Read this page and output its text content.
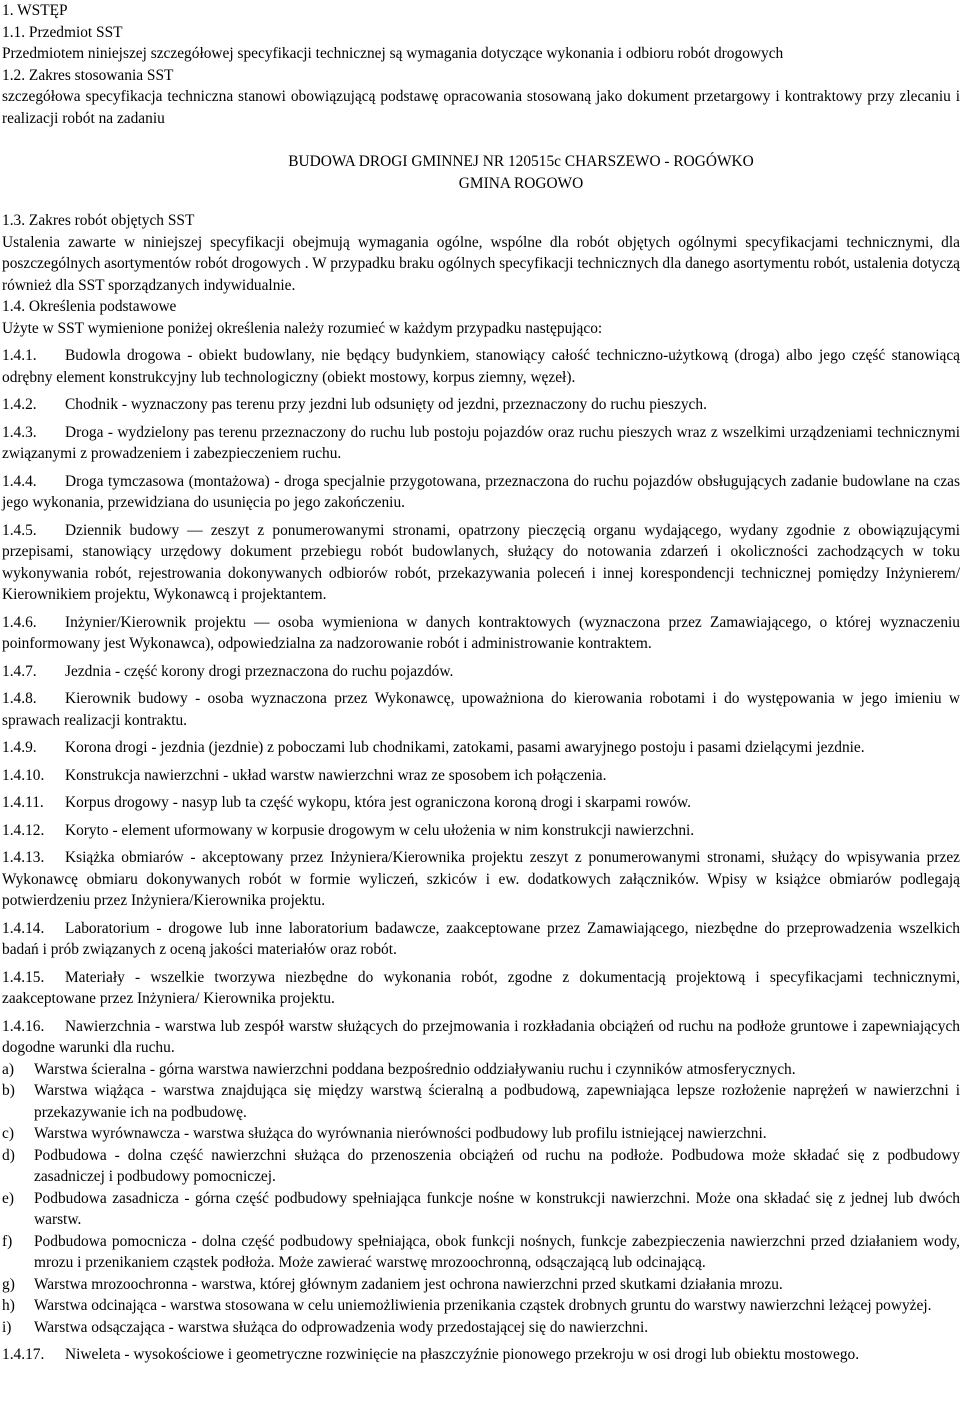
1. WSTĘP
1.1. Przedmiot SST
Przedmiotem niniejszej szczegółowej specyfikacji technicznej są wymagania dotyczące wykonania i odbioru robót drogowych
1.2. Zakres stosowania SST
szczegółowa specyfikacja techniczna stanowi obowiązującą podstawę opracowania stosowaną jako dokument przetargowy i kontraktowy przy zlecaniu i realizacji robót na zadaniu
BUDOWA DROGI GMINNEJ NR 120515c CHARSZEWO - ROGÓWKO
GMINA ROGOWO
1.3. Zakres robót objętych SST
Ustalenia zawarte w niniejszej specyfikacji obejmują wymagania ogólne, wspólne dla robót objętych ogólnymi specyfikacjami technicznymi, dla poszczególnych asortymentów robót drogowych . W przypadku braku ogólnych specyfikacji technicznych dla danego asortymentu robót, ustalenia dotyczą również dla SST sporządzanych indywidualnie.
1.4. Określenia podstawowe
Użyte w SST wymienione poniżej określenia należy rozumieć w każdym przypadku następująco:
1.4.1. Budowla drogowa - obiekt budowlany, nie będący budynkiem, stanowiący całość techniczno-użytkową (droga) albo jego część stanowiącą odrębny element konstrukcyjny lub technologiczny (obiekt mostowy, korpus ziemny, węzeł).
1.4.2. Chodnik - wyznaczony pas terenu przy jezdni lub odsunięty od jezdni, przeznaczony do ruchu pieszych.
1.4.3. Droga - wydzielony pas terenu przeznaczony do ruchu lub postoju pojazdów oraz ruchu pieszych wraz z wszelkimi urządzeniami technicznymi związanymi z prowadzeniem i zabezpieczeniem ruchu.
1.4.4. Droga tymczasowa (montażowa) - droga specjalnie przygotowana, przeznaczona do ruchu pojazdów obsługujących zadanie budowlane na czas jego wykonania, przewidziana do usunięcia po jego zakończeniu.
1.4.5. Dziennik budowy — zeszyt z ponumerowanymi stronami, opatrzony pieczęcią organu wydającego, wydany zgodnie z obowiązującymi przepisami, stanowiący urzędowy dokument przebiegu robót budowlanych, służący do notowania zdarzeń i okoliczności zachodzących w toku wykonywania robót, rejestrowania dokonywanych odbiorów robót, przekazywania poleceń i innej korespondencji technicznej pomiędzy Inżynierem/ Kierownikiem projektu, Wykonawcą i projektantem.
1.4.6. Inżynier/Kierownik projektu — osoba wymieniona w danych kontraktowych (wyznaczona przez Zamawiającego, o której wyznaczeniu poinformowany jest Wykonawca), odpowiedzialna za nadzorowanie robót i administrowanie kontraktem.
1.4.7. Jezdnia - część korony drogi przeznaczona do ruchu pojazdów.
1.4.8. Kierownik budowy - osoba wyznaczona przez Wykonawcę, upoważniona do kierowania robotami i do występowania w jego imieniu w sprawach realizacji kontraktu.
1.4.9. Korona drogi - jezdnia (jezdnie) z poboczami lub chodnikami, zatokami, pasami awaryjnego postoju i pasami dzielącymi jezdnie.
1.4.10. Konstrukcja nawierzchni - układ warstw nawierzchni wraz ze sposobem ich połączenia.
1.4.11. Korpus drogowy - nasyp lub ta część wykopu, która jest ograniczona koroną drogi i skarpami rowów.
1.4.12. Koryto - element uformowany w korpusie drogowym w celu ułożenia w nim konstrukcji nawierzchni.
1.4.13. Książka obmiarów - akceptowany przez Inżyniera/Kierownika projektu zeszyt z ponumerowanymi stronami, służący do wpisywania przez Wykonawcę obmiaru dokonywanych robót w formie wyliczeń, szkiców i ew. dodatkowych załączników. Wpisy w książce obmiarów podlegają potwierdzeniu przez Inżyniera/Kierownika projektu.
1.4.14. Laboratorium - drogowe lub inne laboratorium badawcze, zaakceptowane przez Zamawiającego, niezbędne do przeprowadzenia wszelkich badań i prób związanych z oceną jakości materiałów oraz robót.
1.4.15. Materiały - wszelkie tworzywa niezbędne do wykonania robót, zgodne z dokumentacją projektową i specyfikacjami technicznymi, zaakceptowane przez Inżyniera/ Kierownika projektu.
1.4.16. Nawierzchnia - warstwa lub zespół warstw służących do przejmowania i rozkładania obciążeń od ruchu na podłoże gruntowe i zapewniających dogodne warunki dla ruchu.
a)	Warstwa ścieralna - górna warstwa nawierzchni poddana bezpośrednio oddziaływaniu ruchu i czynników atmosferycznych.
b)	Warstwa wiążąca - warstwa znajdująca się między warstwą ścieralną a podbudową, zapewniająca lepsze rozłożenie naprężeń w nawierzchni i przekazywanie ich na podbudowę.
c)	Warstwa wyrównawcza - warstwa służąca do wyrównania nierówności podbudowy lub profilu istniejącej nawierzchni.
d)	Podbudowa - dolna część nawierzchni służąca do przenoszenia obciążeń od ruchu na podłoże. Podbudowa może składać się z podbudowy zasadniczej i podbudowy pomocniczej.
e)	Podbudowa zasadnicza - górna część podbudowy spełniająca funkcje nośne w konstrukcji nawierzchni. Może ona składać się z jednej lub dwóch warstw.
f)	Podbudowa pomocnicza - dolna część podbudowy spełniająca, obok funkcji nośnych, funkcje zabezpieczenia nawierzchni przed działaniem wody, mrozu i przenikaniem cząstek podłoża. Może zawierać warstwę mrozoochronną, odsączającą lub odcinającą.
g)	Warstwa mrozoochronna - warstwa, której głównym zadaniem jest ochrona nawierzchni przed skutkami działania mrozu.
h)	Warstwa odcinająca - warstwa stosowana w celu uniemożliwienia przenikania cząstek drobnych gruntu do warstwy nawierzchni leżącej powyżej.
i)	Warstwa odsączająca - warstwa służąca do odprowadzenia wody przedostającej się do nawierzchni.
1.4.17. Niweleta - wysokościowe i geometryczne rozwinięcie na płaszczyźnie pionowego przekroju w osi drogi lub obiektu mostowego.
